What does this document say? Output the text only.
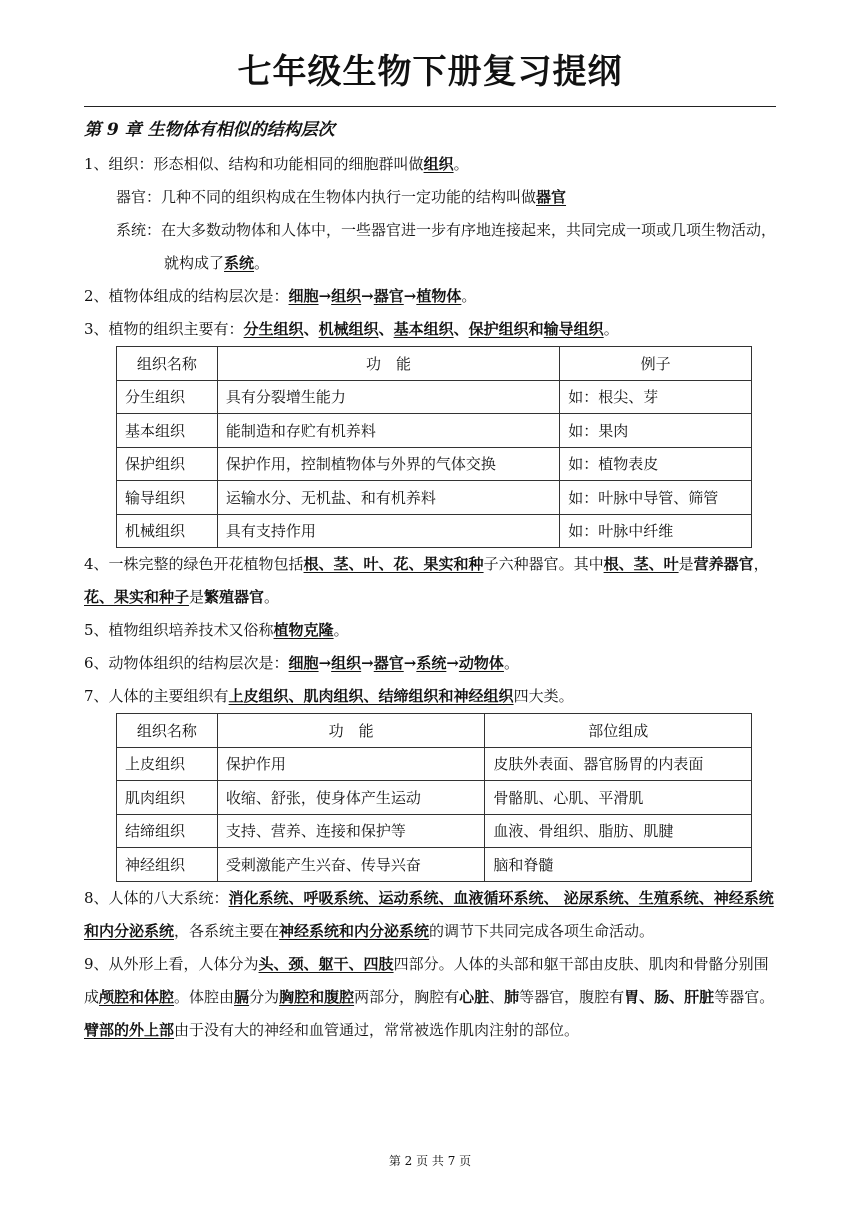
七年级生物下册复习提纲

第 9 章 生物体有相似的结构层次

1、组织：形态相似、结构和功能相同的细胞群叫做组织。

器官：几种不同的组织构成在生物体内执行一定功能的结构叫做器官

系统：在大多数动物体和人体中，一些器官进一步有序地连接起来，共同完成一项或几项生物活动，就构成了系统。

2、植物体组成的结构层次是：细胞→组织→器官→植物体。

3、植物的组织主要有：分生组织、机械组织、基本组织、保护组织和输导组织。

组织名称	功　能	例子
分生组织	具有分裂增生能力	如：根尖、芽
基本组织	能制造和存贮有机养料	如：果肉
保护组织	保护作用，控制植物体与外界的气体交换	如：植物表皮
输导组织	运输水分、无机盐、和有机养料	如：叶脉中导管、筛管
机械组织	具有支持作用	如：叶脉中纤维

4、一株完整的绿色开花植物包括根、茎、叶、花、果实和种子六种器官。其中根、茎、叶是营养器官，花、果实和种子是繁殖器官。

5、植物组织培养技术又俗称植物克隆。

6、动物体组织的结构层次是：细胞→组织→器官→系统→动物体。

7、人体的主要组织有上皮组织、肌肉组织、结缔组织和神经组织四大类。

组织名称	功　能	部位组成
上皮组织	保护作用	皮肤外表面、器官肠胃的内表面
肌肉组织	收缩、舒张，使身体产生运动	骨骼肌、心肌、平滑肌
结缔组织	支持、营养、连接和保护等	血液、骨组织、脂肪、肌腱
神经组织	受刺激能产生兴奋、传导兴奋	脑和脊髓

8、人体的八大系统：消化系统、呼吸系统、运动系统、血液循环系统、 泌尿系统、生殖系统、神经系统和内分泌系统，各系统主要在神经系统和内分泌系统的调节下共同完成各项生命活动。

9、从外形上看，人体分为头、颈、躯干、四肢四部分。人体的头部和躯干部由皮肤、肌肉和骨骼分别围成颅腔和体腔。体腔由膈分为胸腔和腹腔两部分，胸腔有心脏、肺等器官，腹腔有胃、肠、肝脏等器官。臂部的外上部由于没有大的神经和血管通过，常常被选作肌肉注射的部位。

第 2 页 共 7 页
